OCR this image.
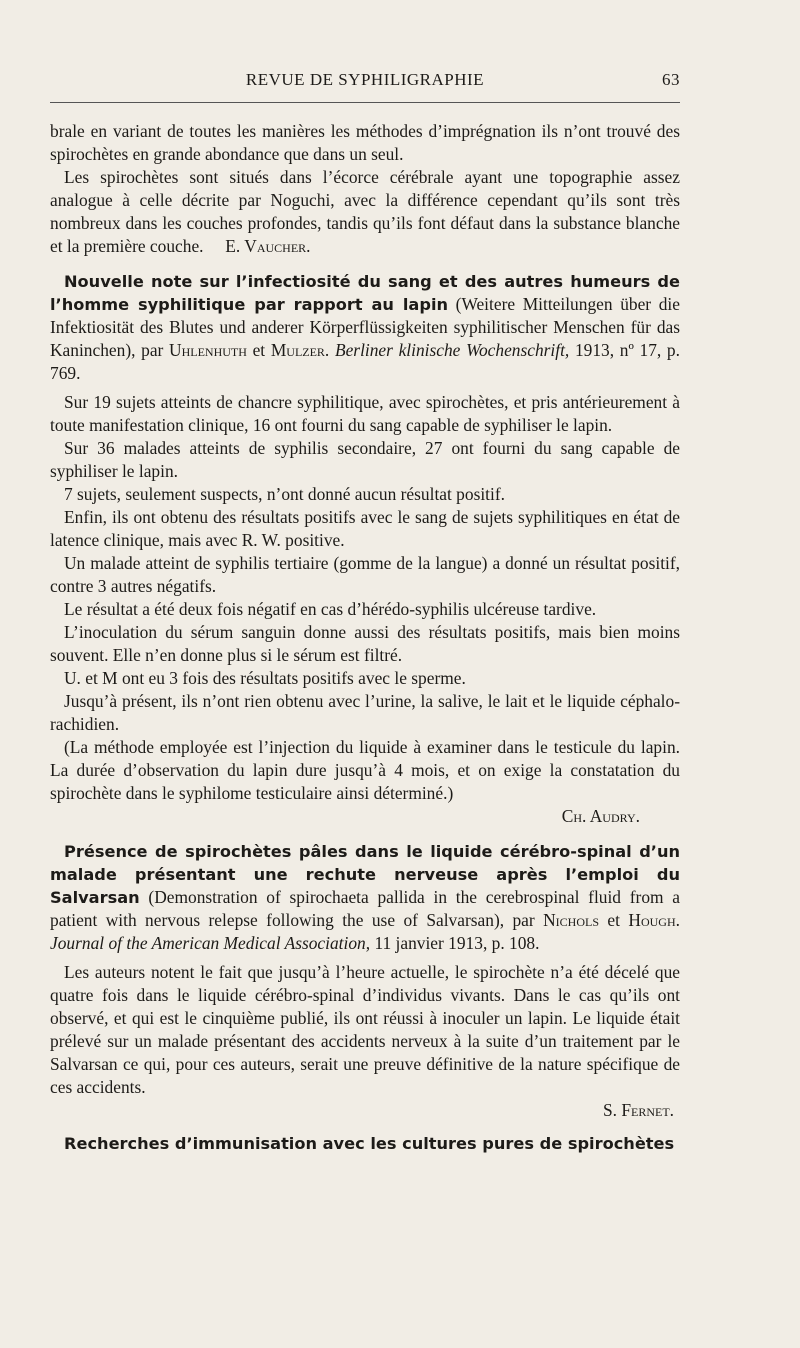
REVUE DE SYPHILIGRAPHIE	63

brale en variant de toutes les manières les méthodes d’imprégnation ils n’ont trouvé des spirochètes en grande abondance que dans un seul.

Les spirochètes sont situés dans l’écorce cérébrale ayant une topographie assez analogue à celle décrite par Noguchi, avec la différence cependant qu’ils sont très nombreux dans les couches profondes, tandis qu’ils font défaut dans la substance blanche et la première couche. E. Vaucher.

Nouvelle note sur l’infectiosité du sang et des autres humeurs de l’homme syphilitique par rapport au lapin (Weitere Mitteilungen über die Infektiosität des Blutes und anderer Körperflüssigkeiten syphilitischer Menschen für das Kaninchen), par Uhlenhuth et Mulzer. Berliner klinische Wochenschrift, 1913, nº 17, p. 769.

Sur 19 sujets atteints de chancre syphilitique, avec spirochètes, et pris antérieurement à toute manifestation clinique, 16 ont fourni du sang capable de syphiliser le lapin.

Sur 36 malades atteints de syphilis secondaire, 27 ont fourni du sang capable de syphiliser le lapin.

7 sujets, seulement suspects, n’ont donné aucun résultat positif.

Enfin, ils ont obtenu des résultats positifs avec le sang de sujets syphilitiques en état de latence clinique, mais avec R. W. positive.

Un malade atteint de syphilis tertiaire (gomme de la langue) a donné un résultat positif, contre 3 autres négatifs.

Le résultat a été deux fois négatif en cas d’hérédo-syphilis ulcéreuse tardive.

L’inoculation du sérum sanguin donne aussi des résultats positifs, mais bien moins souvent. Elle n’en donne plus si le sérum est filtré.

U. et M ont eu 3 fois des résultats positifs avec le sperme.

Jusqu’à présent, ils n’ont rien obtenu avec l’urine, la salive, le lait et le liquide céphalo-rachidien.

(La méthode employée est l’injection du liquide à examiner dans le testicule du lapin. La durée d’observation du lapin dure jusqu’à 4 mois, et on exige la constatation du spirochète dans le syphilome testiculaire ainsi déterminé.)

Ch. Audry.

Présence de spirochètes pâles dans le liquide cérébro-spinal d’un malade présentant une rechute nerveuse après l’emploi du Salvarsan (Demonstration of spirochaeta pallida in the cerebrospinal fluid from a patient with nervous relepse following the use of Salvarsan), par Nichols et Hough. Journal of the American Medical Association, 11 janvier 1913, p. 108.

Les auteurs notent le fait que jusqu’à l’heure actuelle, le spirochète n’a été décelé que quatre fois dans le liquide cérébro-spinal d’individus vivants. Dans le cas qu’ils ont observé, et qui est le cinquième publié, ils ont réussi à inoculer un lapin. Le liquide était prélevé sur un malade présentant des accidents nerveux à la suite d’un traitement par le Salvarsan ce qui, pour ces auteurs, serait une preuve définitive de la nature spécifique de ces accidents.

S. Fernet.

Recherches d’immunisation avec les cultures pures de spirochètes
